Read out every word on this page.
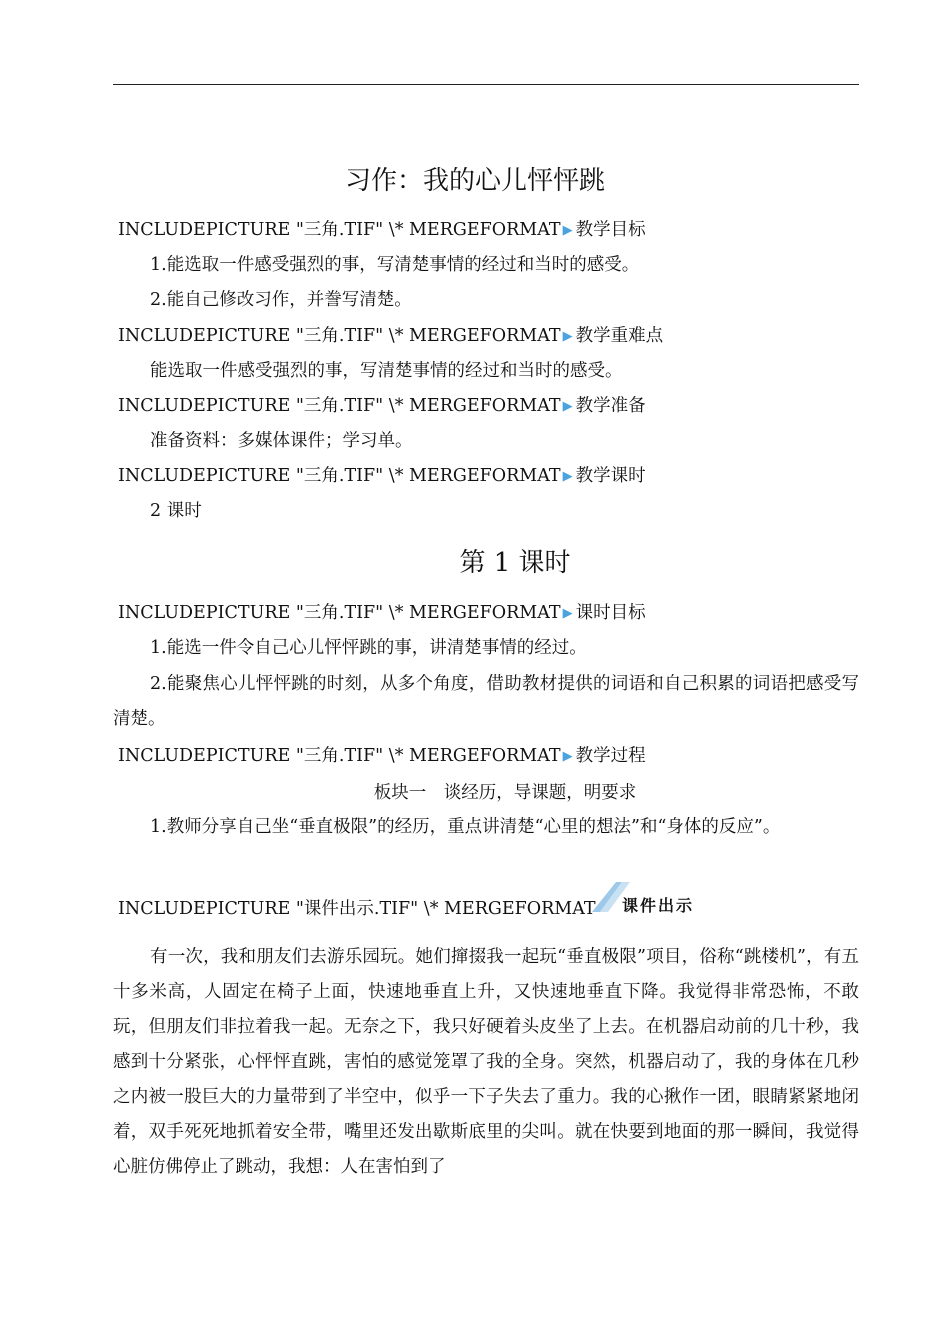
习作：我的心儿怦怦跳
INCLUDEPICTURE "三角.TIF" \* MERGEFORMAT ▶ 教学目标
1.能选取一件感受强烈的事，写清楚事情的经过和当时的感受。
2.能自己修改习作，并誊写清楚。
INCLUDEPICTURE "三角.TIF" \* MERGEFORMAT ▶ 教学重难点
能选取一件感受强烈的事，写清楚事情的经过和当时的感受。
INCLUDEPICTURE "三角.TIF" \* MERGEFORMAT ▶ 教学准备
准备资料：多媒体课件；学习单。
INCLUDEPICTURE "三角.TIF" \* MERGEFORMAT ▶ 教学课时
2 课时
第 1 课时
INCLUDEPICTURE "三角.TIF" \* MERGEFORMAT ▶ 课时目标
1.能选一件令自己心儿怦怦跳的事，讲清楚事情的经过。

2.能聚焦心儿怦怦跳的时刻，从多个角度，借助教材提供的词语和自己积累的词语把感受写清楚。

INCLUDEPICTURE "三角.TIF" \* MERGEFORMAT ▶ 教学过程
板块一　谈经历，导课题，明要求

1.教师分享自己坐“垂直极限”的经历，重点讲清楚“心里的想法”和“身体的反应”。

INCLUDEPICTURE "课件出示.TIF" \* MERGEFORMAT 课件出示

有一次，我和朋友们去游乐园玩。她们撺掇我一起玩“垂直极限”项目，俗称“跳楼机”，有五十多米高，人固定在椅子上面，快速地垂直上升，又快速地垂直下降。我觉得非常恐怖，不敢玩，但朋友们非拉着我一起。无奈之下，我只好硬着头皮坐了上去。在机器启动前的几十秒，我感到十分紧张，心怦怦直跳，害怕的感觉笼罩了我的全身。突然，机器启动了，我的身体在几秒之内被一股巨大的力量带到了半空中，似乎一下子失去了重力。我的心揪作一团，眼睛紧紧地闭着，双手死死地抓着安全带，嘴里还发出歇斯底里的尖叫。就在快要到地面的那一瞬间，我觉得心脏仿佛停止了跳动，我想：人在害怕到了
